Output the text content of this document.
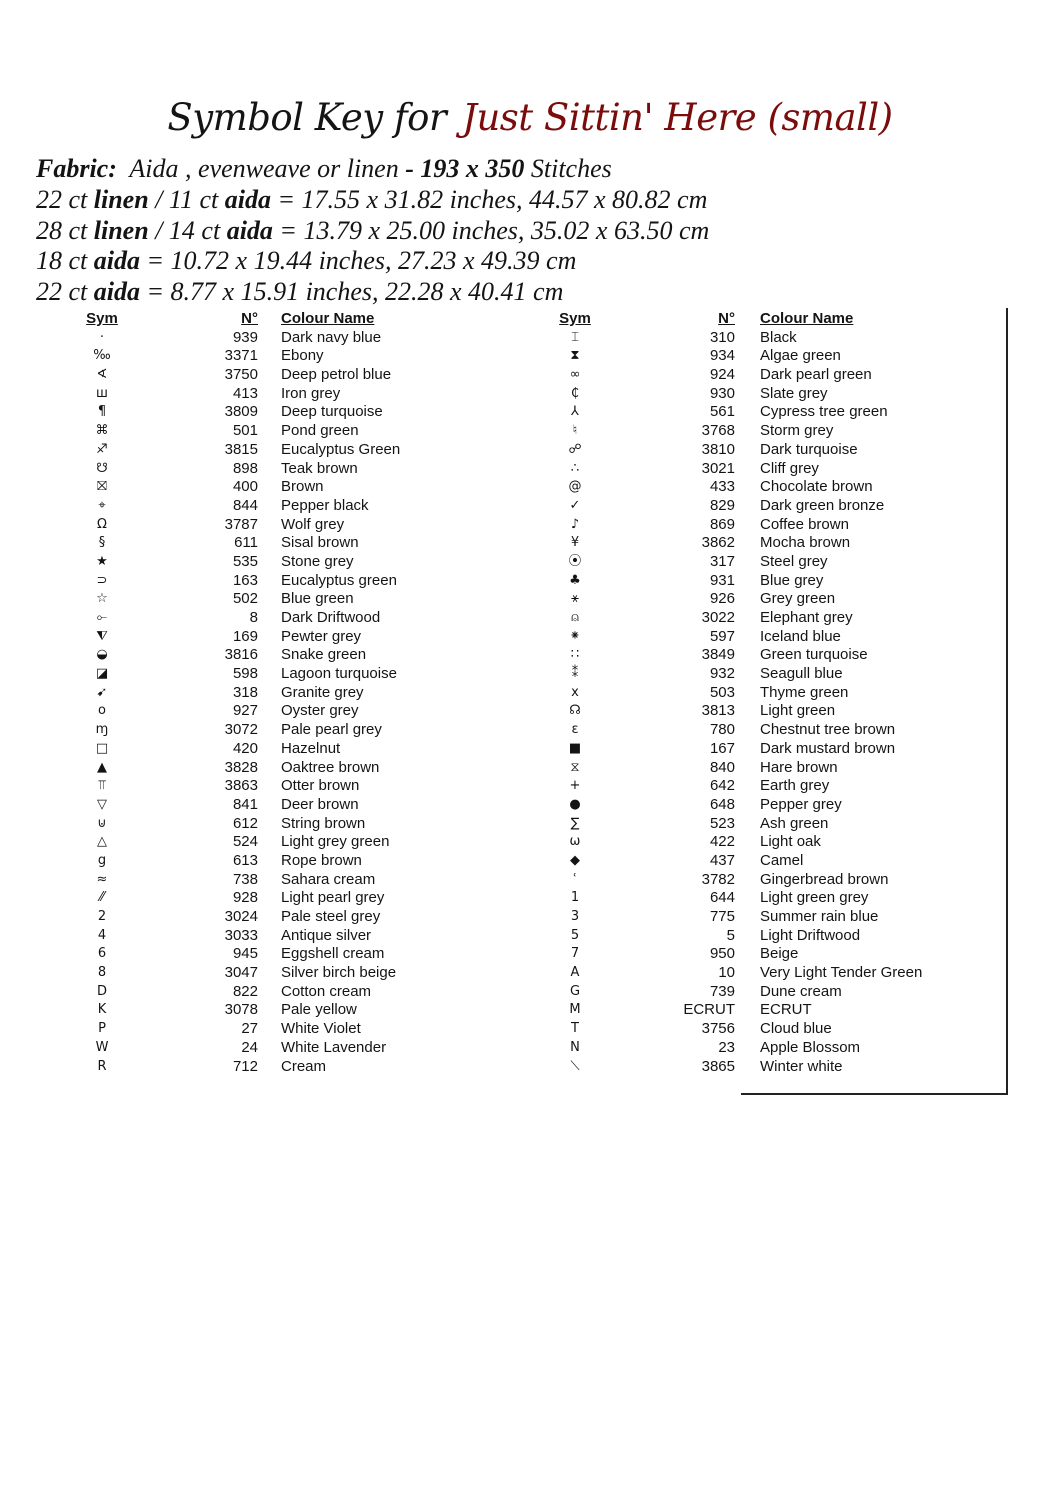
Symbol Key for Just Sittin' Here (small)
Fabric: Aida , evenweave or linen - 193 x 350 Stitches
22 ct linen / 11 ct aida = 17.55 x 31.82 inches, 44.57 x 80.82 cm
28 ct linen / 14 ct aida = 13.79 x 25.00 inches, 35.02 x 63.50 cm
18 ct aida = 10.72 x 19.44 inches, 27.23 x 49.39 cm
22 ct aida = 8.77 x 15.91 inches, 22.28 x 40.41 cm
Sym	N° Colour Name
·	939 Dark navy blue
‰	3371 Ebony
∢	3750 Deep petrol blue
ш	413 Iron grey
¶	3809 Deep turquoise
⌘	501 Pond green
♐	3815 Eucalyptus Green
☋	898 Teak brown
⛝	400 Brown
⌖	844 Pepper black
Ω	3787 Wolf grey
§	611 Sisal brown
★	535 Stone grey
⊃	163 Eucalyptus green
☆	502 Blue green
⟜	8 Dark Driftwood
⧨	169 Pewter grey
◒	3816 Snake green
◪	598 Lagoon turquoise
➹	318 Granite grey
o	927 Oyster grey
ɱ	3072 Pale pearl grey
□	420 Hazelnut
▲	3828 Oaktree brown
⫪	3863 Otter brown
▽	841 Deer brown
⊍	612 String brown
△	524 Light grey green
g	613 Rope brown
≈	738 Sahara cream
⁄⁄	928 Light pearl grey
2	3024 Pale steel grey
4	3033 Antique silver
6	945 Eggshell cream
8	3047 Silver birch beige
D	822 Cotton cream
K	3078 Pale yellow
P	27 White Violet
W	24 White Lavender
R	712 Cream
Sym	N° Colour Name
⌶	310 Black
⧗	934 Algae green
∞	924 Dark pearl green
₵	930 Slate grey
⅄	561 Cypress tree green
♮	3768 Storm grey
☍	3810 Dark turquoise
∴	3021 Cliff grey
@	433 Chocolate brown
✓	829 Dark green bronze
♪	869 Coffee brown
¥	3862 Mocha brown
⦿	317 Steel grey
♣	931 Blue grey
⚹	926 Grey green
⍝	3022 Elephant grey
⁕	597 Iceland blue
∷	3849 Green turquoise
⁑	932 Seagull blue
x	503 Thyme green
☊	3813 Light green
ε	780 Chestnut tree brown
■	167 Dark mustard brown
⧖	840 Hare brown
+	642 Earth grey
●	648 Pepper grey
∑	523 Ash green
ω	422 Light oak
◆	437 Camel
ʿ	3782 Gingerbread brown
1	644 Light green grey
3	775 Summer rain blue
5	5 Light Driftwood
7	950 Beige
A	10 Very Light Tender Green
G	739 Dune cream
M	ECRUT ECRUT
T	3756 Cloud blue
N	23 Apple Blossom
⟍	3865 Winter white
